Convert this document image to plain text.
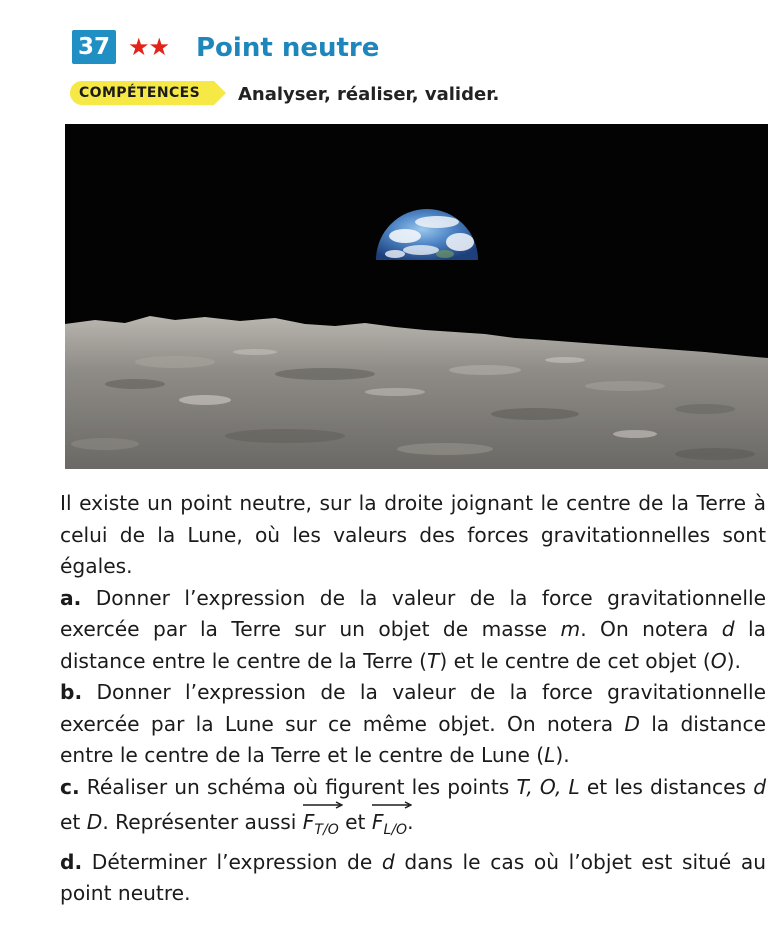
37 ★★ Point neutre
COMPÉTENCES	Analyser, réaliser, valider.

Il existe un point neutre, sur la droite joignant le centre de la Terre à celui de la Lune, où les valeurs des forces gravitationnelles sont égales.

a. Donner l’expression de la valeur de la force gravitationnelle exercée par la Terre sur un objet de masse m. On notera d la distance entre le centre de la Terre (T) et le centre de cet objet (O).

b. Donner l’expression de la valeur de la force gravitationnelle exercée par la Lune sur ce même objet. On notera D la distance entre le centre de la Terre et le centre de Lune (L).

c. Réaliser un schéma où figurent les points T, O, L et les distances d et D. Représenter aussi
$F_{T/O}$ et
$F_{L/O}$.

d. Déterminer l’expression de d dans le cas où l’objet est situé au point neutre.
